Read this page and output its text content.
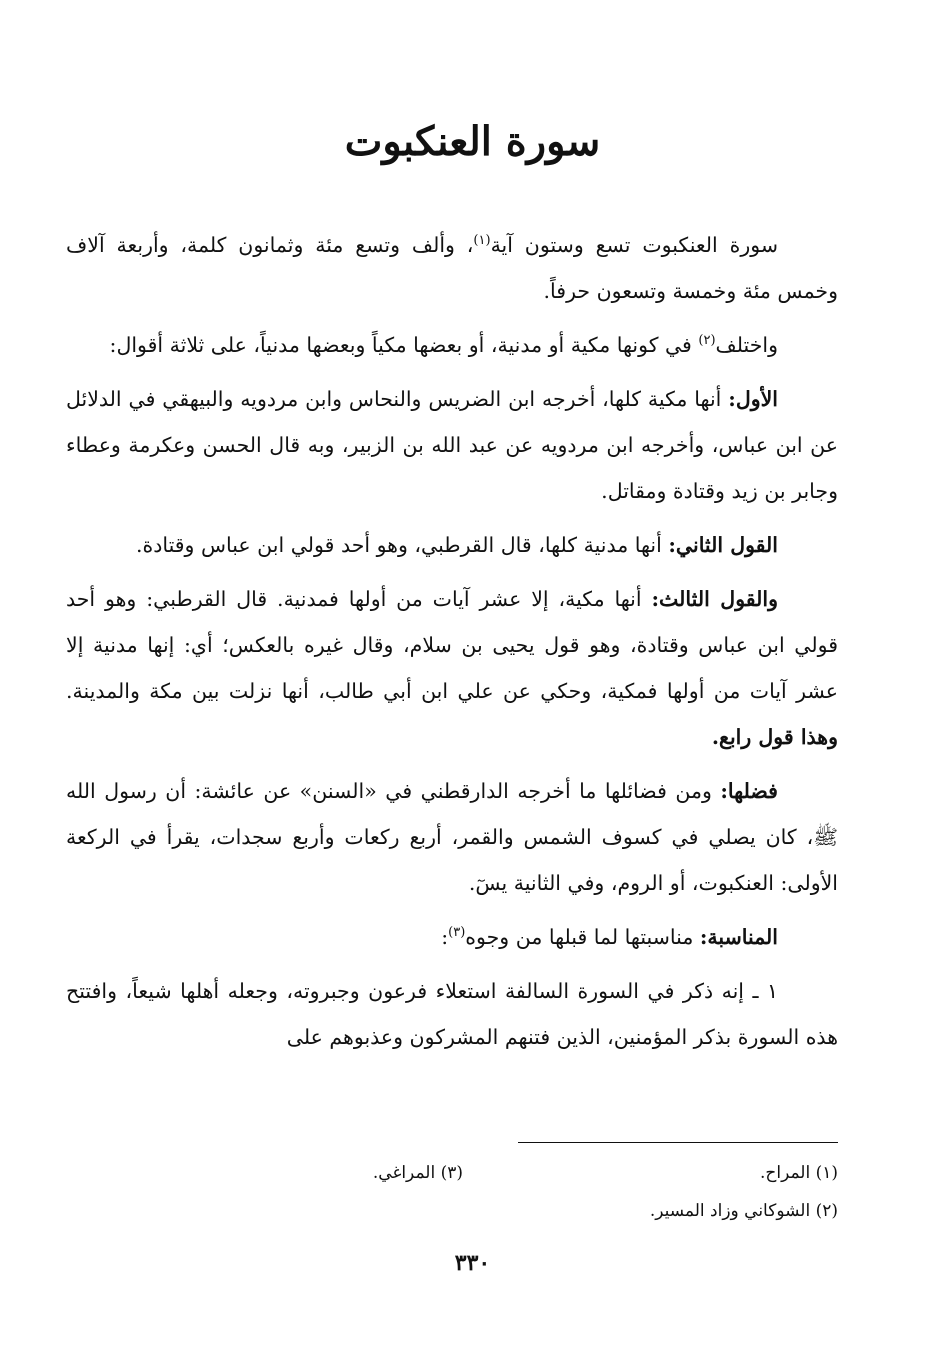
سورة العنكبوت

سورة العنكبوت تسع وستون آية$^{(١)}$، وألف وتسع مئة وثمانون كلمة، وأربعة آلاف وخمس مئة وخمسة وتسعون حرفاً.

واختلف$^{(٢)}$ في كونها مكية أو مدنية، أو بعضها مكياً وبعضها مدنياً، على ثلاثة أقوال:

الأول: أنها مكية كلها، أخرجه ابن الضريس والنحاس وابن مردويه والبيهقي في الدلائل عن ابن عباس، وأخرجه ابن مردويه عن عبد الله بن الزبير، وبه قال الحسن وعكرمة وعطاء وجابر بن زيد وقتادة ومقاتل.

القول الثاني: أنها مدنية كلها، قال القرطبي، وهو أحد قولي ابن عباس وقتادة.

والقول الثالث: أنها مكية، إلا عشر آيات من أولها فمدنية. قال القرطبي: وهو أحد قولي ابن عباس وقتادة، وهو قول يحيى بن سلام، وقال غيره بالعكس؛ أي: إنها مدنية إلا عشر آيات من أولها فمكية، وحكي عن علي ابن أبي طالب، أنها نزلت بين مكة والمدينة. وهذا قول رابع.

فضلها: ومن فضائلها ما أخرجه الدارقطني في «السنن» عن عائشة: أن رسول الله ﷺ، كان يصلي في كسوف الشمس والقمر، أربع ركعات وأربع سجدات، يقرأ في الركعة الأولى: العنكبوت، أو الروم، وفي الثانية يسٓ.

المناسبة: مناسبتها لما قبلها من وجوه$^{(٣)}$:

١ ـ إنه ذكر في السورة السالفة استعلاء فرعون وجبروته، وجعله أهلها شيعاً، وافتتح هذه السورة بذكر المؤمنين، الذين فتنهم المشركون وعذبوهم على

(١) المراح.
(٣) المراغي.
(٢) الشوكاني وزاد المسير.
٣٣٠
